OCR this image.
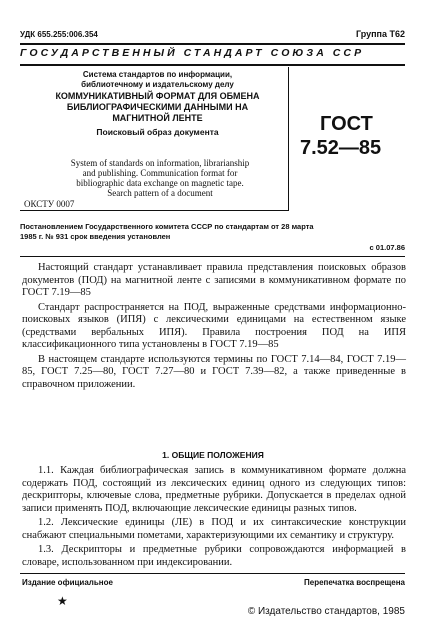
УДК 655.255:006.354	Группа Т62
ГОСУДАРСТВЕННЫЙ СТАНДАРТ СОЮЗА ССР
Система стандартов по информации,
библиотечному и издательскому делу
КОММУНИКАТИВНЫЙ ФОРМАТ ДЛЯ ОБМЕНА
БИБЛИОГРАФИЧЕСКИМИ ДАННЫМИ НА
МАГНИТНОЙ ЛЕНТЕ
Поисковый образ документа
System of standards on information, librarianship
and publishing. Communication format for
bibliographic data exchange on magnetic tape.
Search pattern of a document
ОКСТУ 0007
ГОСТ
7.52—85
Постановлением Государственного комитета СССР по стандартам от 28 марта
1985 г. № 931 срок введения установлен
с 01.07.86

Настоящий стандарт устанавливает правила представления поисковых образов документов (ПОД) на магнитной ленте с записями в коммуникативном формате по ГОСТ 7.19—85

Стандарт распространяется на ПОД, выраженные средствами информационно-поисковых языков (ИПЯ) с лексическими единицами на естественном языке (средствами вербальных ИПЯ). Правила построения ПОД на ИПЯ классификационного типа установлены в ГОСТ 7.19—85

В настоящем стандарте используются термины по ГОСТ 7.14—84, ГОСТ 7.19—85, ГОСТ 7.25—80, ГОСТ 7.27—80 и ГОСТ 7.39—82, а также приведенные в справочном приложении.

1. ОБЩИЕ ПОЛОЖЕНИЯ

1.1. Каждая библиографическая запись в коммуникативном формате должна содержать ПОД, состоящий из лексических единиц одного из следующих типов: дескрипторы, ключевые слова, предметные рубрики. Допускается в пределах одной записи применять ПОД, включающие лексические единицы разных типов.

1.2. Лексические единицы (ЛЕ) в ПОД и их синтаксические конструкции снабжают специальными пометами, характеризующими их семантику и структуру.

1.3. Дескрипторы и предметные рубрики сопровождаются информацией в словаре, использованном при индексировании.

Издание официальное	Перепечатка воспрещена
★
© Издательство стандартов, 1985
